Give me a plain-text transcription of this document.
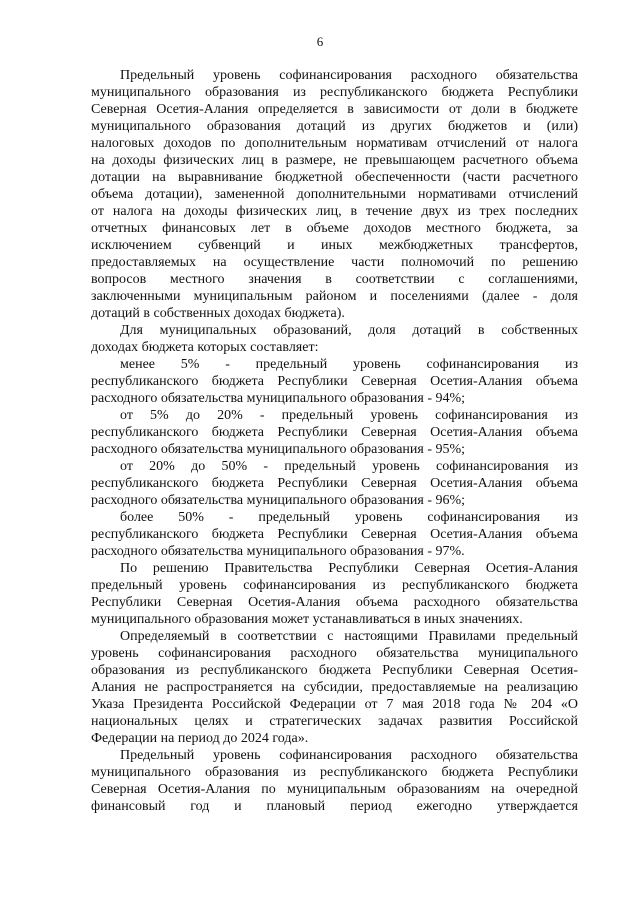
6
Предельный уровень софинансирования расходного обязательства
муниципального образования из республиканского бюджета Республики
Северная Осетия-Алания определяется в зависимости от доли в бюджете
муниципального образования дотаций из других бюджетов и (или)
налоговых доходов по дополнительным нормативам отчислений от налога
на доходы физических лиц в размере, не превышающем расчетного объема
дотации на выравнивание бюджетной обеспеченности (части расчетного
объема дотации), замененной дополнительными нормативами отчислений
от налога на доходы физических лиц, в течение двух из трех последних
отчетных финансовых лет в объеме доходов местного бюджета, за
исключением субвенций и иных межбюджетных трансфертов,
предоставляемых на осуществление части полномочий по решению
вопросов местного значения в соответствии с соглашениями,
заключенными муниципальным районом и поселениями (далее - доля
дотаций в собственных доходах бюджета).
Для муниципальных образований, доля дотаций в собственных
доходах бюджета которых составляет:
менее 5% - предельный уровень софинансирования из
республиканского бюджета Республики Северная Осетия-Алания объема
расходного обязательства муниципального образования - 94%;
от 5% до 20% - предельный уровень софинансирования из
республиканского бюджета Республики Северная Осетия-Алания объема
расходного обязательства муниципального образования - 95%;
от 20% до 50% - предельный уровень софинансирования из
республиканского бюджета Республики Северная Осетия-Алания объема
расходного обязательства муниципального образования - 96%;
более 50% - предельный уровень софинансирования из
республиканского бюджета Республики Северная Осетия-Алания объема
расходного обязательства муниципального образования - 97%.
По решению Правительства Республики Северная Осетия-Алания
предельный уровень софинансирования из республиканского бюджета
Республики Северная Осетия-Алания объема расходного обязательства
муниципального образования может устанавливаться в иных значениях.
Определяемый в соответствии с настоящими Правилами предельный
уровень софинансирования расходного обязательства муниципального
образования из республиканского бюджета Республики Северная Осетия-
Алания не распространяется на субсидии, предоставляемые на реализацию
Указа Президента Российской Федерации от 7 мая 2018 года № 204 «О
национальных целях и стратегических задачах развития Российской
Федерации на период до 2024 года».
Предельный уровень софинансирования расходного обязательства
муниципального образования из республиканского бюджета Республики
Северная Осетия-Алания по муниципальным образованиям на очередной
финансовый год и плановый период ежегодно утверждается
